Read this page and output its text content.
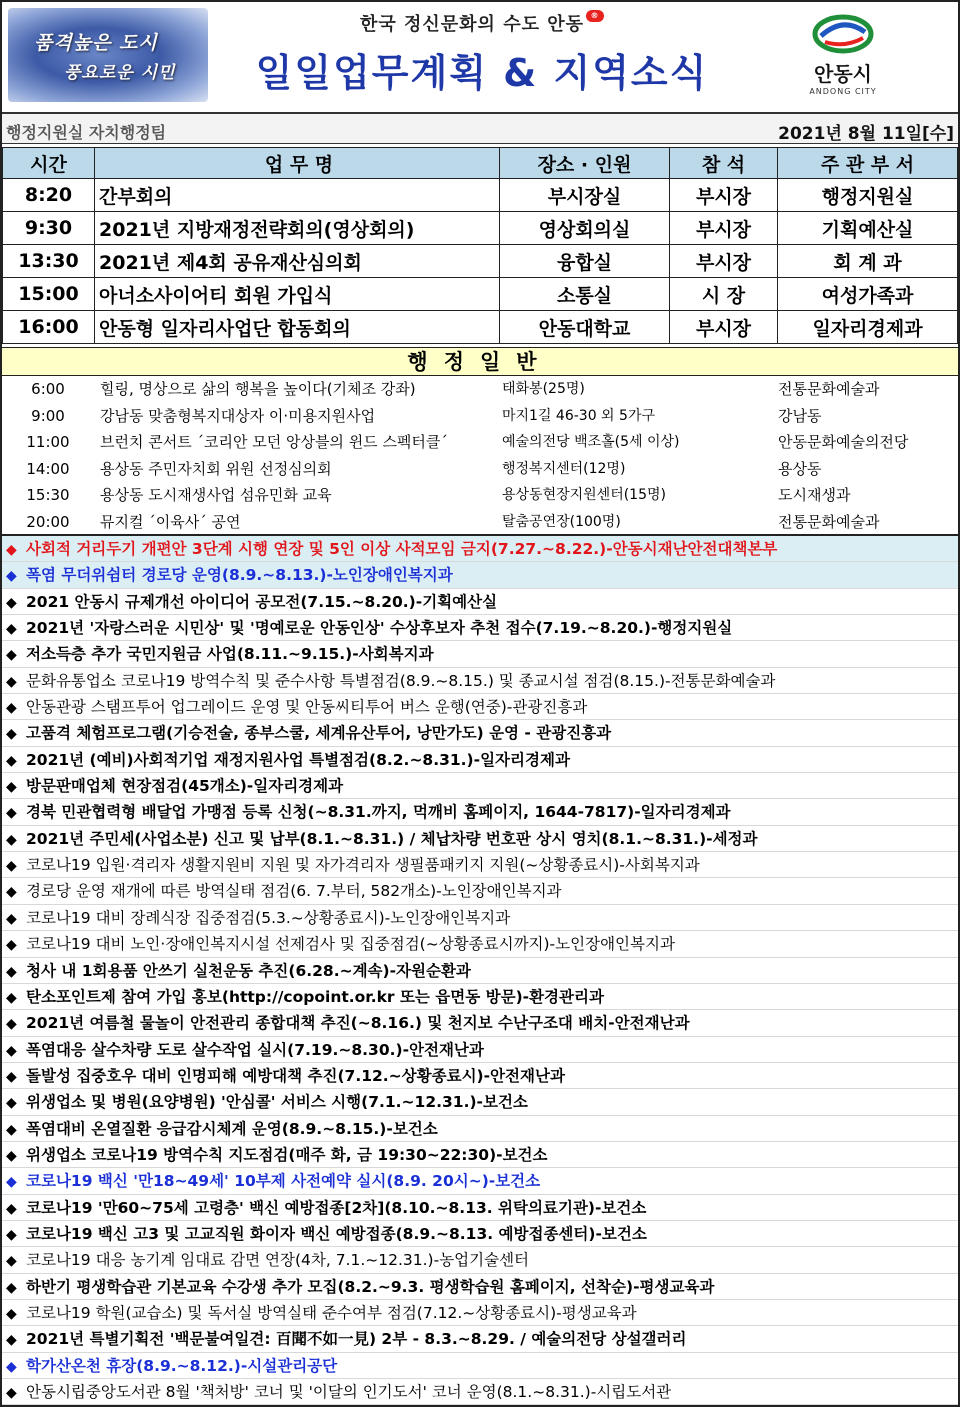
품격높은 도시
풍요로운 시민
한국 정신문화의 수도 안동 ®
일일업무계획 & 지역소식	안동시
ANDONG CITY
행정지원실 자치행정팀	2021년 8월 11일[수]
시간	업 무 명	장소 · 인원	참 석	주 관 부 서
8:20	간부회의	부시장실	부시장	행정지원실
9:30	2021년 지방재정전략회의(영상회의)	영상회의실	부시장	기획예산실
13:30	2021년 제4회 공유재산심의회	융합실	부시장	회 계 과
15:00	아너소사이어티 회원 가입식	소통실	시 장	여성가족과
16:00	안동형 일자리사업단 합동회의	안동대학교	부시장	일자리경제과
행정일반
6:00	힐링, 명상으로 삶의 행복을 높이다(기체조 강좌)	태화봉(25명)	전통문화예술과
9:00	강남동 맞춤형복지대상자 이·미용지원사업	마지1길 46-30 외 5가구	강남동
11:00	브런치 콘서트 ´코리안 모던 앙상블의 윈드 스펙터클´	예술의전당 백조홀(5세 이상)	안동문화예술의전당
14:00	용상동 주민자치회 위원 선정심의회	행정복지센터(12명)	용상동
15:30	용상동 도시재생사업 섬유민화 교육	용상동현장지원센터(15명)	도시재생과
20:00	뮤지컬 ´이육사´ 공연	탈춤공연장(100명)	전통문화예술과
◆ 사회적 거리두기 개편안 3단계 시행 연장 및 5인 이상 사적모임 금지(7.27.~8.22.)-안동시재난안전대책본부
◆ 폭염 무더위쉼터 경로당 운영(8.9.~8.13.)-노인장애인복지과
◆ 2021 안동시 규제개선 아이디어 공모전(7.15.~8.20.)-기획예산실
◆ 2021년 '자랑스러운 시민상' 및 '명예로운 안동인상' 수상후보자 추천 접수(7.19.~8.20.)-행정지원실
◆ 저소득층 추가 국민지원금 사업(8.11.~9.15.)-사회복지과
◆ 문화유통업소 코로나19 방역수칙 및 준수사항 특별점검(8.9.~8.15.) 및 종교시설 점검(8.15.)-전통문화예술과
◆ 안동관광 스탬프투어 업그레이드 운영 및 안동씨티투어 버스 운행(연중)-관광진흥과
◆ 고품격 체험프로그램(기승전술, 종부스쿨, 세계유산투어, 낭만가도) 운영 - 관광진흥과
◆ 2021년 (예비)사회적기업 재정지원사업 특별점검(8.2.~8.31.)-일자리경제과
◆ 방문판매업체 현장점검(45개소)-일자리경제과
◆ 경북 민관협력형 배달업 가맹점 등록 신청(~8.31.까지, 먹깨비 홈페이지, 1644-7817)-일자리경제과
◆ 2021년 주민세(사업소분) 신고 및 납부(8.1.~8.31.) / 체납차량 번호판 상시 영치(8.1.~8.31.)-세정과
◆ 코로나19 입원·격리자 생활지원비 지원 및 자가격리자 생필품패키지 지원(~상황종료시)-사회복지과
◆ 경로당 운영 재개에 따른 방역실태 점검(6. 7.부터, 582개소)-노인장애인복지과
◆ 코로나19 대비 장례식장 집중점검(5.3.~상황종료시)-노인장애인복지과
◆ 코로나19 대비 노인·장애인복지시설 선제검사 및 집중점검(~상황종료시까지)-노인장애인복지과
◆ 청사 내 1회용품 안쓰기 실천운동 추진(6.28.~계속)-자원순환과
◆ 탄소포인트제 참여 가입 홍보(http://copoint.or.kr 또는 읍면동 방문)-환경관리과
◆ 2021년 여름철 물놀이 안전관리 종합대책 추진(~8.16.) 및 천지보 수난구조대 배치-안전재난과
◆ 폭염대응 살수차량 도로 살수작업 실시(7.19.~8.30.)-안전재난과
◆ 돌발성 집중호우 대비 인명피해 예방대책 추진(7.12.~상황종료시)-안전재난과
◆ 위생업소 및 병원(요양병원) '안심콜' 서비스 시행(7.1.~12.31.)-보건소
◆ 폭염대비 온열질환 응급감시체계 운영(8.9.~8.15.)-보건소
◆ 위생업소 코로나19 방역수칙 지도점검(매주 화, 금 19:30~22:30)-보건소
◆ 코로나19 백신 '만18~49세' 10부제 사전예약 실시(8.9. 20시~)-보건소
◆ 코로나19 '만60~75세 고령층' 백신 예방접종[2차](8.10.~8.13. 위탁의료기관)-보건소
◆ 코로나19 백신 고3 및 고교직원 화이자 백신 예방접종(8.9.~8.13. 예방접종센터)-보건소
◆ 코로나19 대응 농기계 임대료 감면 연장(4차, 7.1.~12.31.)-농업기술센터
◆ 하반기 평생학습관 기본교육 수강생 추가 모집(8.2.~9.3. 평생학습원 홈페이지, 선착순)-평생교육과
◆ 코로나19 학원(교습소) 및 독서실 방역실태 준수여부 점검(7.12.~상황종료시)-평생교육과
◆ 2021년 특별기획전 '백문불여일견: 百聞不如一見) 2부 - 8.3.~8.29. / 예술의전당 상설갤러리
◆ 학가산온천 휴장(8.9.~8.12.)-시설관리공단
◆ 안동시립중앙도서관 8월 '책처방' 코너 및 '이달의 인기도서' 코너 운영(8.1.~8.31.)-시립도서관
